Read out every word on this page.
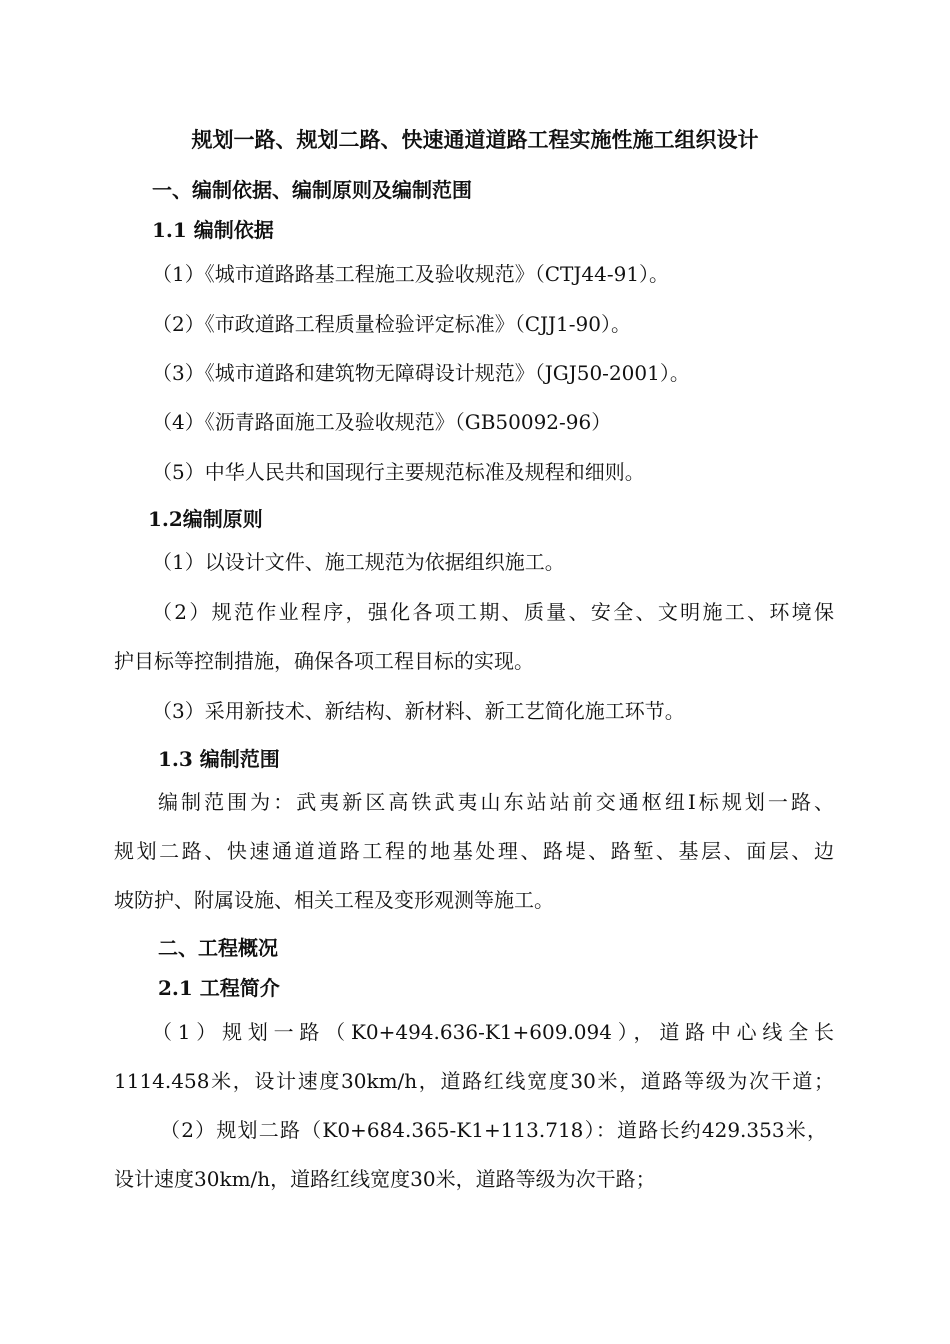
规划一路、规划二路、快速通道道路工程实施性施工组织设计

一、编制依据、编制原则及编制范围

1.1 编制依据

（1）《城市道路路基工程施工及验收规范》（CTJ44-91）。

（2）《市政道路工程质量检验评定标准》（CJJ1-90）。

（3）《城市道路和建筑物无障碍设计规范》（JGJ50-2001）。

（4）《沥青路面施工及验收规范》（GB50092-96）

（5）中华人民共和国现行主要规范标准及规程和细则。

1.2编制原则

（1）以设计文件、施工规范为依据组织施工。

（2）规范作业程序，强化各项工期、质量、安全、文明施工、环境保

护目标等控制措施，确保各项工程目标的实现。

（3）采用新技术、新结构、新材料、新工艺简化施工环节。

1.3 编制范围

编制范围为：武夷新区高铁武夷山东站站前交通枢纽Ⅰ标规划一路、

规划二路、快速通道道路工程的地基处理、路堤、路堑、基层、面层、边

坡防护、附属设施、相关工程及变形观测等施工。

二、工程概况

2.1 工程简介

（1）规划一路（K0+494.636-K1+609.094），道路中心线全长

1114.458米，设计速度30km/h，道路红线宽度30米，道路等级为次干道；

（2）规划二路（K0+684.365-K1+113.718）：道路长约429.353米，

设计速度30km/h，道路红线宽度30米，道路等级为次干路；
